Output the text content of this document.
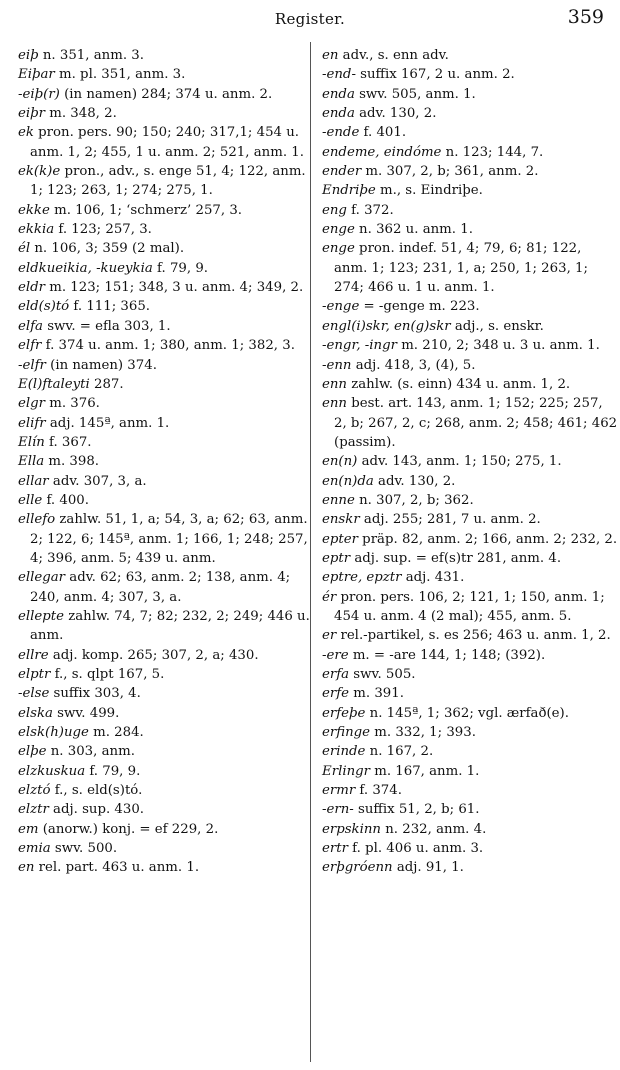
Register.	359

eiþ n. 351, anm. 3.

Eiþar m. pl. 351, anm. 3.

-eiþ(r) (in namen) 284; 374 u. anm. 2.

eiþr m. 348, 2.

ek pron. pers. 90; 150; 240; 317,1; 454 u. anm. 1, 2; 455, 1 u. anm. 2; 521, anm. 1.

ek(k)e pron., adv., s. enge 51, 4; 122, anm. 1; 123; 263, 1; 274; 275, 1.

ekke m. 106, 1; ‘schmerz’ 257, 3.

ekkia f. 123; 257, 3.

él n. 106, 3; 359 (2 mal).

eldkueikia, -kueykia f. 79, 9.

eldr m. 123; 151; 348, 3 u. anm. 4; 349, 2.

eld(s)tó f. 111; 365.

elfa swv. = efla 303, 1.

elfr f. 374 u. anm. 1; 380, anm. 1; 382, 3.

-elfr (in namen) 374.

E(l)ftaleyti 287.

elgr m. 376.

elifr adj. 145ª, anm. 1.

Elín f. 367.

Ella m. 398.

ellar adv. 307, 3, a.

elle f. 400.

ellefo zahlw. 51, 1, a; 54, 3, a; 62; 63, anm. 2; 122, 6; 145ª, anm. 1; 166, 1; 248; 257, 4; 396, anm. 5; 439 u. anm.

ellegar adv. 62; 63, anm. 2; 138, anm. 4; 240, anm. 4; 307, 3, a.

ellepte zahlw. 74, 7; 82; 232, 2; 249; 446 u. anm.

ellre adj. komp. 265; 307, 2, a; 430.

elptr f., s. qlpt 167, 5.

-else suffix 303, 4.

elska swv. 499.

elsk(h)uge m. 284.

elþe n. 303, anm.

elzkuskua f. 79, 9.

elztó f., s. eld(s)tó.

elztr adj. sup. 430.

em (anorw.) konj. = ef 229, 2.

emia swv. 500.

en rel. part. 463 u. anm. 1.

en adv., s. enn adv.

-end- suffix 167, 2 u. anm. 2.

enda swv. 505, anm. 1.

enda adv. 130, 2.

-ende f. 401.

endeme, eindóme n. 123; 144, 7.

ender m. 307, 2, b; 361, anm. 2.

Endriþe m., s. Eindriþe.

eng f. 372.

enge n. 362 u. anm. 1.

enge pron. indef. 51, 4; 79, 6; 81; 122, anm. 1; 123; 231, 1, a; 250, 1; 263, 1; 274; 466 u. 1 u. anm. 1.

-enge = -genge m. 223.

engl(i)skr, en(g)skr adj., s. enskr.

-engr, -ingr m. 210, 2; 348 u. 3 u. anm. 1.

-enn adj. 418, 3, (4), 5.

enn zahlw. (s. einn) 434 u. anm. 1, 2.

enn best. art. 143, anm. 1; 152; 225; 257, 2, b; 267, 2, c; 268, anm. 2; 458; 461; 462 (passim).

en(n) adv. 143, anm. 1; 150; 275, 1.

en(n)da adv. 130, 2.

enne n. 307, 2, b; 362.

enskr adj. 255; 281, 7 u. anm. 2.

epter präp. 82, anm. 2; 166, anm. 2; 232, 2.

eptr adj. sup. = ef(s)tr 281, anm. 4.

eptre, epztr adj. 431.

ér pron. pers. 106, 2; 121, 1; 150, anm. 1; 454 u. anm. 4 (2 mal); 455, anm. 5.

er rel.-partikel, s. es 256; 463 u. anm. 1, 2.

-ere m. = -are 144, 1; 148; (392).

erfa swv. 505.

erfe m. 391.

erfeþe n. 145ª, 1; 362; vgl. ærfað(e).

erfinge m. 332, 1; 393.

erinde n. 167, 2.

Erlingr m. 167, anm. 1.

ermr f. 374.

-ern- suffix 51, 2, b; 61.

erpskinn n. 232, anm. 4.

ertr f. pl. 406 u. anm. 3.

erþgróenn adj. 91, 1.
